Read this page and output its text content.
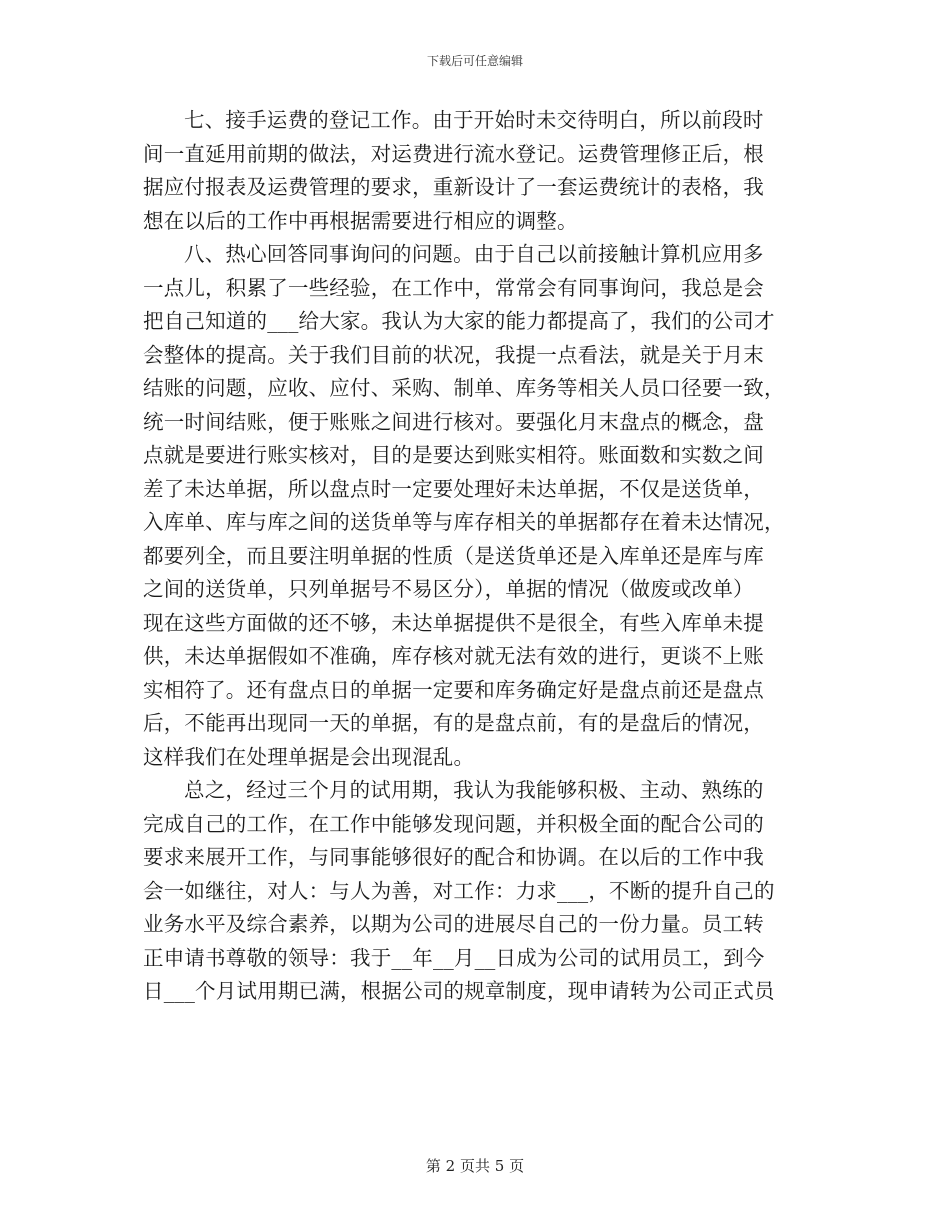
下载后可任意编辑

七、接手运费的登记工作。由于开始时未交待明白，所以前段时
间一直延用前期的做法，对运费进行流水登记。运费管理修正后，根
据应付报表及运费管理的要求，重新设计了一套运费统计的表格，我
想在以后的工作中再根据需要进行相应的调整。

八、热心回答同事询问的问题。由于自己以前接触计算机应用多
一点儿，积累了一些经验，在工作中，常常会有同事询问，我总是会
把自己知道的___给大家。我认为大家的能力都提高了，我们的公司才
会整体的提高。关于我们目前的状况，我提一点看法，就是关于月末
结账的问题，应收、应付、采购、制单、库务等相关人员口径要一致，
统一时间结账，便于账账之间进行核对。要强化月末盘点的概念，盘
点就是要进行账实核对，目的是要达到账实相符。账面数和实数之间
差了未达单据，所以盘点时一定要处理好未达单据，不仅是送货单，
入库单、库与库之间的送货单等与库存相关的单据都存在着未达情况，
都要列全，而且要注明单据的性质（是送货单还是入库单还是库与库
之间的送货单，只列单据号不易区分），单据的情况（做废或改单）
现在这些方面做的还不够，未达单据提供不是很全，有些入库单未提
供，未达单据假如不准确，库存核对就无法有效的进行，更谈不上账
实相符了。还有盘点日的单据一定要和库务确定好是盘点前还是盘点
后，不能再出现同一天的单据，有的是盘点前，有的是盘后的情况，
这样我们在处理单据是会出现混乱。

总之，经过三个月的试用期，我认为我能够积极、主动、熟练的
完成自己的工作，在工作中能够发现问题，并积极全面的配合公司的
要求来展开工作，与同事能够很好的配合和协调。在以后的工作中我
会一如继往，对人：与人为善，对工作：力求___，不断的提升自己的
业务水平及综合素养，以期为公司的进展尽自己的一份力量。员工转
正申请书尊敬的领导：我于__年__月__日成为公司的试用员工，到今
日___个月试用期已满，根据公司的规章制度，现申请转为公司正式员

第 2 页共 5 页
